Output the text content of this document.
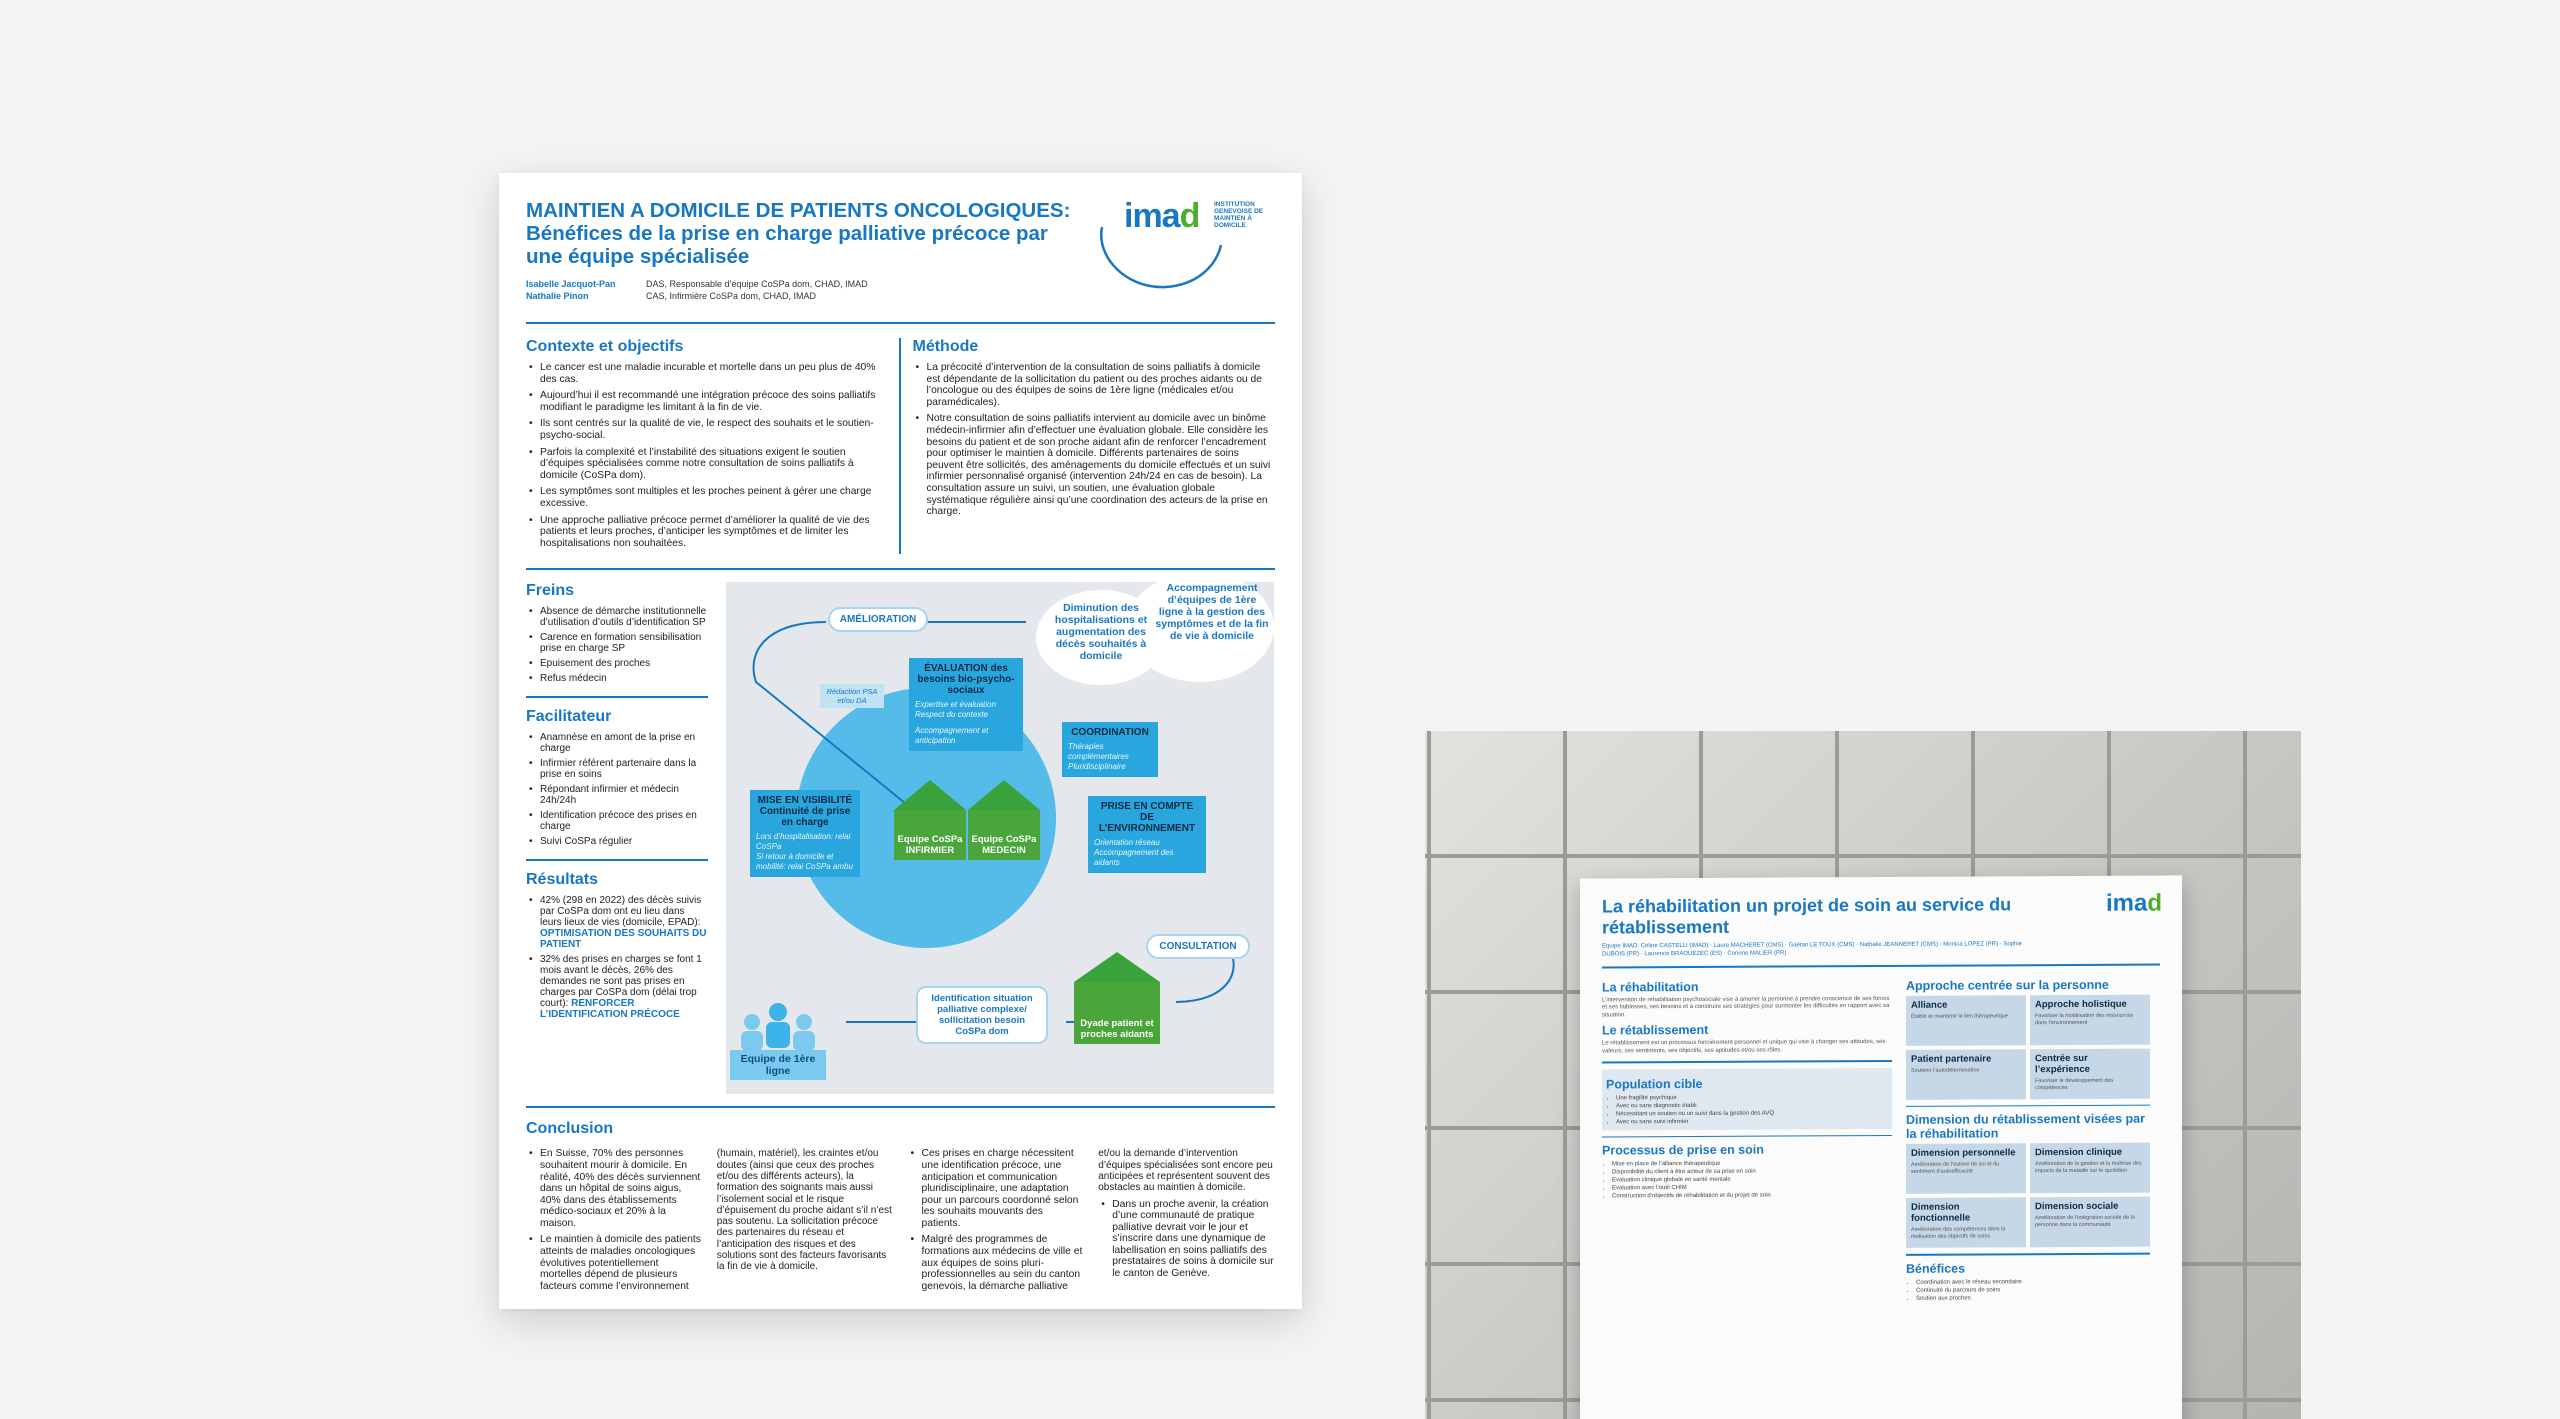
MAINTIEN A DOMICILE DE PATIENTS ONCOLOGIQUES: Bénéfices de la prise en charge palliative précoce par une équipe spécialisée
Isabelle Jacquot-Pan	DAS, Responsable d’équipe CoSPa dom, CHAD, IMAD
Nathalie Pinon	CAS, Infirmière CoSPa dom, CHAD, IMAD
imad INSTITUTION GENEVOISE DE MAINTIEN À DOMICILE
Contexte et objectifs
• Le cancer est une maladie incurable et mortelle dans un peu plus de 40% des cas.
• Aujourd’hui il est recommandé une intégration précoce des soins palliatifs modifiant le paradigme les limitant à la fin de vie.
• Ils sont centrés sur la qualité de vie, le respect des souhaits et le soutien-psycho-social.
• Parfois la complexité et l’instabilité des situations exigent le soutien d’équipes spécialisées comme notre consultation de soins palliatifs à domicile (CoSPa dom).
• Les symptômes sont multiples et les proches peinent à gérer une charge excessive.
• Une approche palliative précoce permet d’améliorer la qualité de vie des patients et leurs proches, d’anticiper les symptômes et de limiter les hospitalisations non souhaitées.
Méthode
• La précocité d’intervention de la consultation de soins palliatifs à domicile est dépendante de la sollicitation du patient ou des proches aidants ou de l’oncologue ou des équipes de soins de 1ère ligne (médicales et/ou paramédicales).
• Notre consultation de soins palliatifs intervient au domicile avec un binôme médecin-infirmier afin d’effectuer une évaluation globale. Elle considère les besoins du patient et de son proche aidant afin de renforcer l’encadrement pour optimiser le maintien à domicile. Différents partenaires de soins peuvent être sollicités, des aménagements du domicile effectués et un suivi infirmier personnalisé organisé (intervention 24h/24 en cas de besoin). La consultation assure un suivi, un soutien, une évaluation globale systématique régulière ainsi qu’une coordination des acteurs de la prise en charge.
Freins
• Absence de démarche institutionnelle d’utilisation d’outils d’identification SP
• Carence en formation sensibilisation prise en charge SP
• Epuisement des proches
• Refus médecin
Facilitateur
• Anamnèse en amont de la prise en charge
• Infirmier référent partenaire dans la prise en soins
• Répondant infirmier et médecin 24h/24h
• Identification précoce des prises en charge
• Suivi CoSPa régulier
Résultats
• 42% (298 en 2022) des décès suivis par CoSPa dom ont eu lieu dans leurs lieux de vies (domicile, EPAD): OPTIMISATION DES SOUHAITS DU PATIENT
• 32% des prises en charges se font 1 mois avant le décès, 26% des demandes ne sont pas prises en charges par CoSPa dom (délai trop court): RENFORCER L’IDENTIFICATION PRÉCOCE
AMÉLIORATION
Diminution des hospitalisations et augmentation des décès souhaités à domicile
Accompagnement d’équipes de 1ère ligne à la gestion des symptômes et de la fin de vie à domicile
Rédaction PSA et/ou DA
ÉVALUATION des besoins bio-psycho-sociaux
Expertise et évaluation
Respect du contexte
Accompagnement et anticipation
COORDINATION
Thérapies complémentaires
Pluridisciplinaire
MISE EN VISIBILITÉ Continuité de prise en charge
Lors d’hospitalisation: relai CoSPa
Si retour à domicile et mobilité: relai CoSPa ambu
PRISE EN COMPTE DE L’ENVIRONNEMENT
Orientation réseau
Accompagnement des aidants
Equipe CoSPa INFIRMIER
Equipe CoSPa MEDECIN
CONSULTATION
Identification situation palliative complexe/ sollicitation besoin CoSPa dom
Dyade patient et proches aidants
Equipe de 1ère ligne
Conclusion
• En Suisse, 70% des personnes souhaitent mourir à domicile. En réalité, 40% des décès surviennent dans un hôpital de soins aigus, 40% dans des établissements médico-sociaux et 20% à la maison.
• Le maintien à domicile des patients atteints de maladies oncologiques évolutives potentiellement mortelles dépend de plusieurs facteurs comme l’environnement
(humain, matériel), les craintes et/ou doutes (ainsi que ceux des proches et/ou des différents acteurs), la formation des soignants mais aussi l’isolement social et le risque d’épuisement du proche aidant s’il n’est pas soutenu. La sollicitation précoce des partenaires du réseau et l’anticipation des risques et des solutions sont des facteurs favorisants la fin de vie à domicile.
• Ces prises en charge nécessitent une identification précoce, une anticipation et communication pluridisciplinaire, une adaptation pour un parcours coordonné selon les souhaits mouvants des patients.
• Malgré des programmes de formations aux médecins de ville et aux équipes de soins pluri-professionnelles au sein du canton genevois, la démarche palliative
et/ou la demande d’intervention d’équipes spécialisées sont encore peu anticipées et représentent souvent des obstacles au maintien à domicile.
• Dans un proche avenir, la création d’une communauté de pratique palliative devrait voir le jour et s’inscrire dans une dynamique de labellisation en soins palliatifs des prestataires de soins à domicile sur le canton de Genève.
La réhabilitation un projet de soin au service du rétablissement
Equipe IMAD: Céline CASTELLI (IMAD) · Laure MACHERET (CMS) · Gaëtan LE TOUX (CMS) · Nathalie JEANNERET (CMS) · Monica LOPEZ (PR) · Sophie DUBOIS (PR) · Laurence BRAOUEZEC (ES) · Corinne MALIER (PR)
imad
La réhabilitation
L’intervention de réhabilitation psychosociale vise à amener la personne à prendre conscience de ses forces et ses faiblesses, ses besoins et à construire ses stratégies pour surmonter les difficultés en rapport avec sa situation.
Le rétablissement
Le rétablissement est un processus foncièrement personnel et unique qui vise à changer ses attitudes, ses valeurs, ses sentiments, ses objectifs, ses aptitudes et/ou ses rôles.
Population cible
• Une fragilité psychique
• Avec ou sans diagnostic établi
• Nécessitant un soutien ou un suivi dans la gestion des AVQ
• Avec ou sans suivi infirmier
Processus de prise en soin
• Mise en place de l’alliance thérapeutique
• Disponibilité du client à être acteur de sa prise en soin
• Evaluation clinique globale en santé mentale
• Evaluation avec l’outil CHIM
• Construction d’objectifs de réhabilitation et du projet de soin
Approche centrée sur la personne
Alliance
Établir et maintenir le lien thérapeutique
Approche holistique
Favoriser la mobilisation des ressources dans l’environnement
Patient partenaire
Soutenir l’autodétermination
Centrée sur l’expérience
Favoriser le développement des compétences
Dimension du rétablissement visées par la réhabilitation
Dimension personnelle
Amélioration de l’estime de soi et du sentiment d’autoefficacité
Dimension clinique
Amélioration de la gestion et la maîtrise des impacts de la maladie sur le quotidien
Dimension fonctionnelle
Amélioration des compétences dans la réalisation des objectifs de soins
Dimension sociale
Amélioration de l’intégration sociale de la personne dans la communauté
Bénéfices
• Coordination avec le réseau secondaire
• Continuité du parcours de soins
• Soutien aux proches
